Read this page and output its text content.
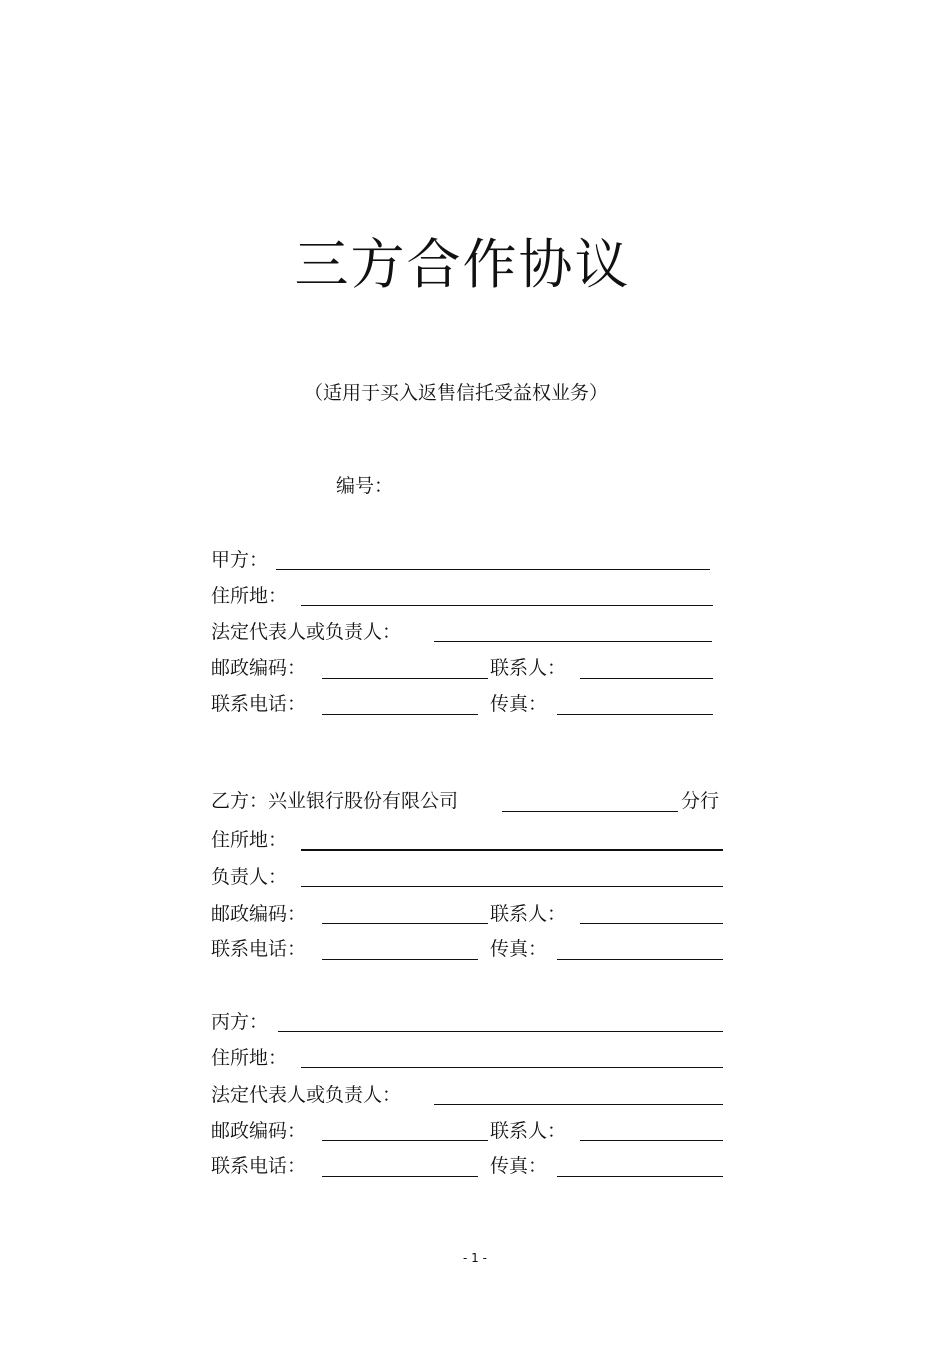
三方合作协议
（适用于买入返售信托受益权业务）
编号：
甲方：
住所地：
法定代表人或负责人：
邮政编码：	联系人：
联系电话：	传真：
乙方：兴业银行股份有限公司	分行
住所地：
负责人：
邮政编码：	联系人：
联系电话：	传真：
丙方：
住所地：
法定代表人或负责人：
邮政编码：	联系人：
联系电话：	传真：
- 1 -
